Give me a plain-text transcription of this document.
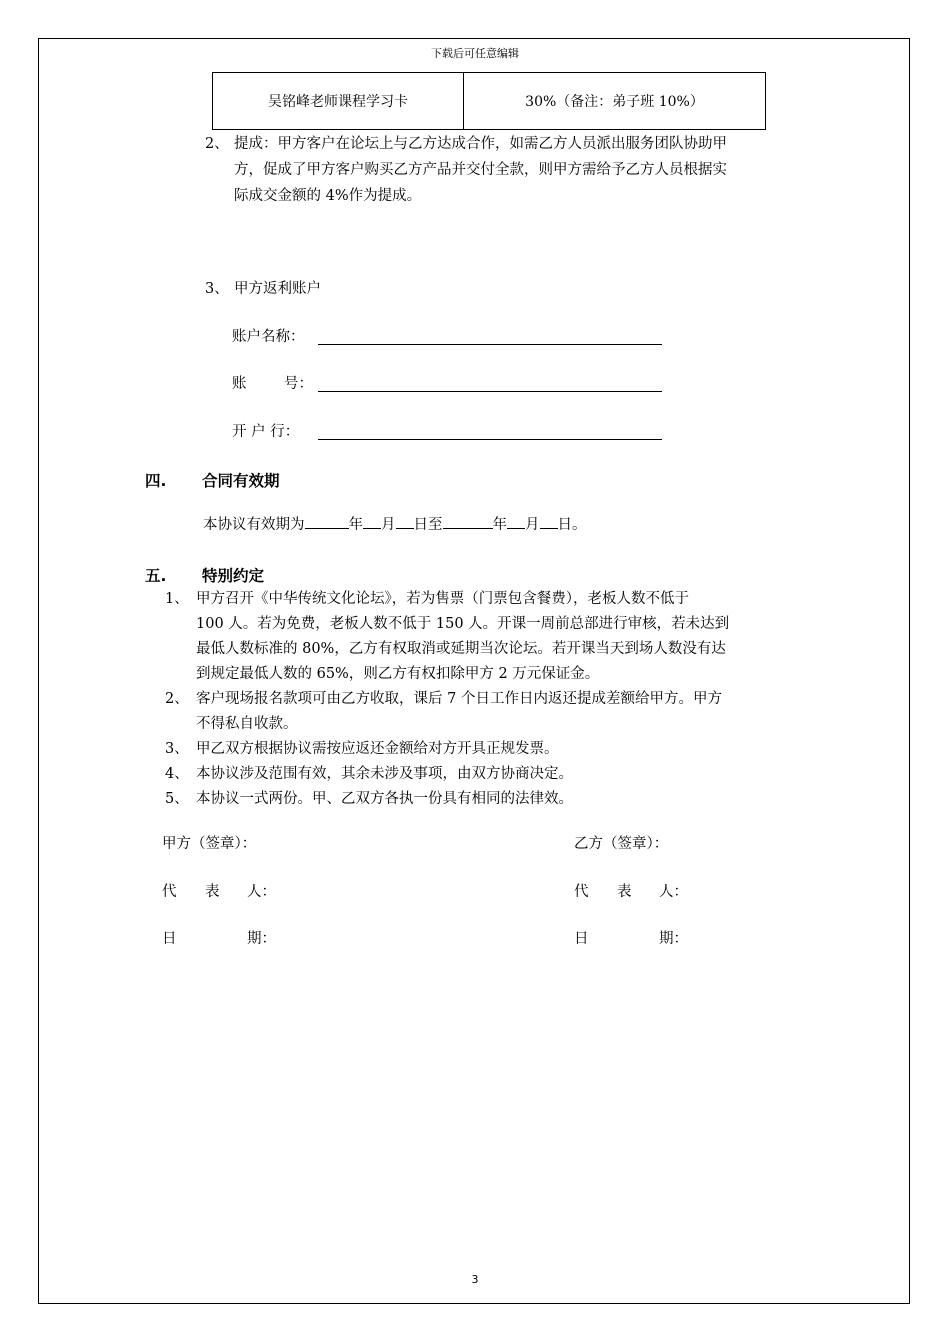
下载后可任意编辑
吴铭峰老师课程学习卡	30%（备注：弟子班 10%）
2、 提成：甲方客户在论坛上与乙方达成合作，如需乙方人员派出服务团队协助甲
方，促成了甲方客户购买乙方产品并交付全款，则甲方需给予乙方人员根据实
际成交金额的 4%作为提成。
3、 甲方返利账户
账户名称：
账	号：
开 户 行：
四. 合同有效期
本协议有效期为	年 月 日至	年 月 日。
五. 特别约定
1、 甲方召开《中华传统文化论坛》，若为售票（门票包含餐费），老板人数不低于
100 人。若为免费，老板人数不低于 150 人。开课一周前总部进行审核，若未达到
最低人数标准的 80%，乙方有权取消或延期当次论坛。若开课当天到场人数没有达
到规定最低人数的 65%，则乙方有权扣除甲方 2 万元保证金。
2、 客户现场报名款项可由乙方收取，课后 7 个日工作日内返还提成差额给甲方。甲方
不得私自收款。
3、 甲乙双方根据协议需按应返还金额给对方开具正规发票。
4、 本协议涉及范围有效，其余未涉及事项，由双方协商决定。
5、 本协议一式两份。甲、乙双方各执一份具有相同的法律效。
甲方（签章）：	乙方（签章）：
代 表 人：	代 表 人：
日	期：	日	期：
3
